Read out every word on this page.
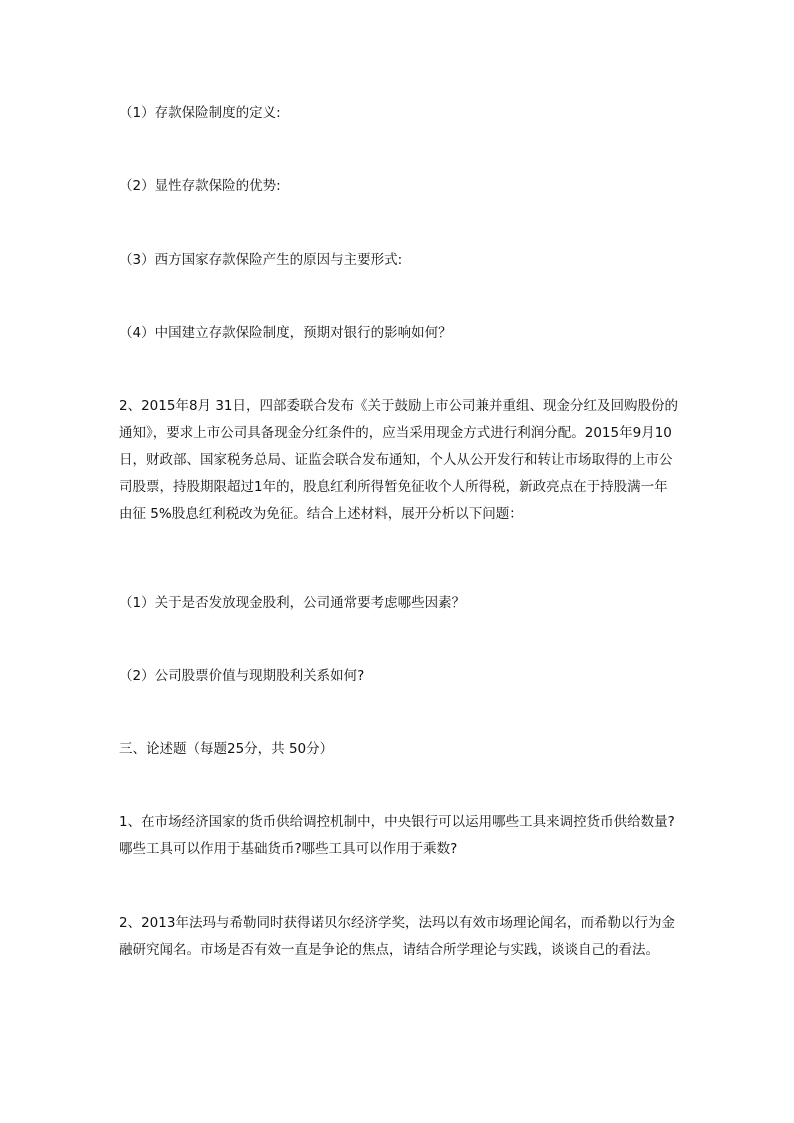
（1）存款保险制度的定义:

（2）显性存款保险的优势:

（3）西方国家存款保险产生的原因与主要形式:

（4）中国建立存款保险制度，预期对银行的影响如何？

2、2015年8月 31日，四部委联合发布《关于鼓励上市公司兼并重组、现金分红及回购股份的通知》，要求上市公司具备现金分红条件的，应当采用现金方式进行利润分配。2015年9月10日，财政部、国家税务总局、证监会联合发布通知，个人从公开发行和转让市场取得的上市公司股票，持股期限超过1年的，股息红利所得暂免征收个人所得税，新政亮点在于持股满一年由征 5%股息红利税改为免征。结合上述材料，展开分析以下问题：

（1）关于是否发放现金股利，公司通常要考虑哪些因素？

（2）公司股票价值与现期股利关系如何?

三、论述题（每题25分，共 50分）

1、在市场经济国家的货币供给调控机制中，中央银行可以运用哪些工具来调控货币供给数量?哪些工具可以作用于基础货币?哪些工具可以作用于乘数?

2、2013年法玛与希勒同时获得诺贝尔经济学奖，法玛以有效市场理论闻名，而希勒以行为金融研究闻名。市场是否有效一直是争论的焦点，请结合所学理论与实践，谈谈自己的看法。
